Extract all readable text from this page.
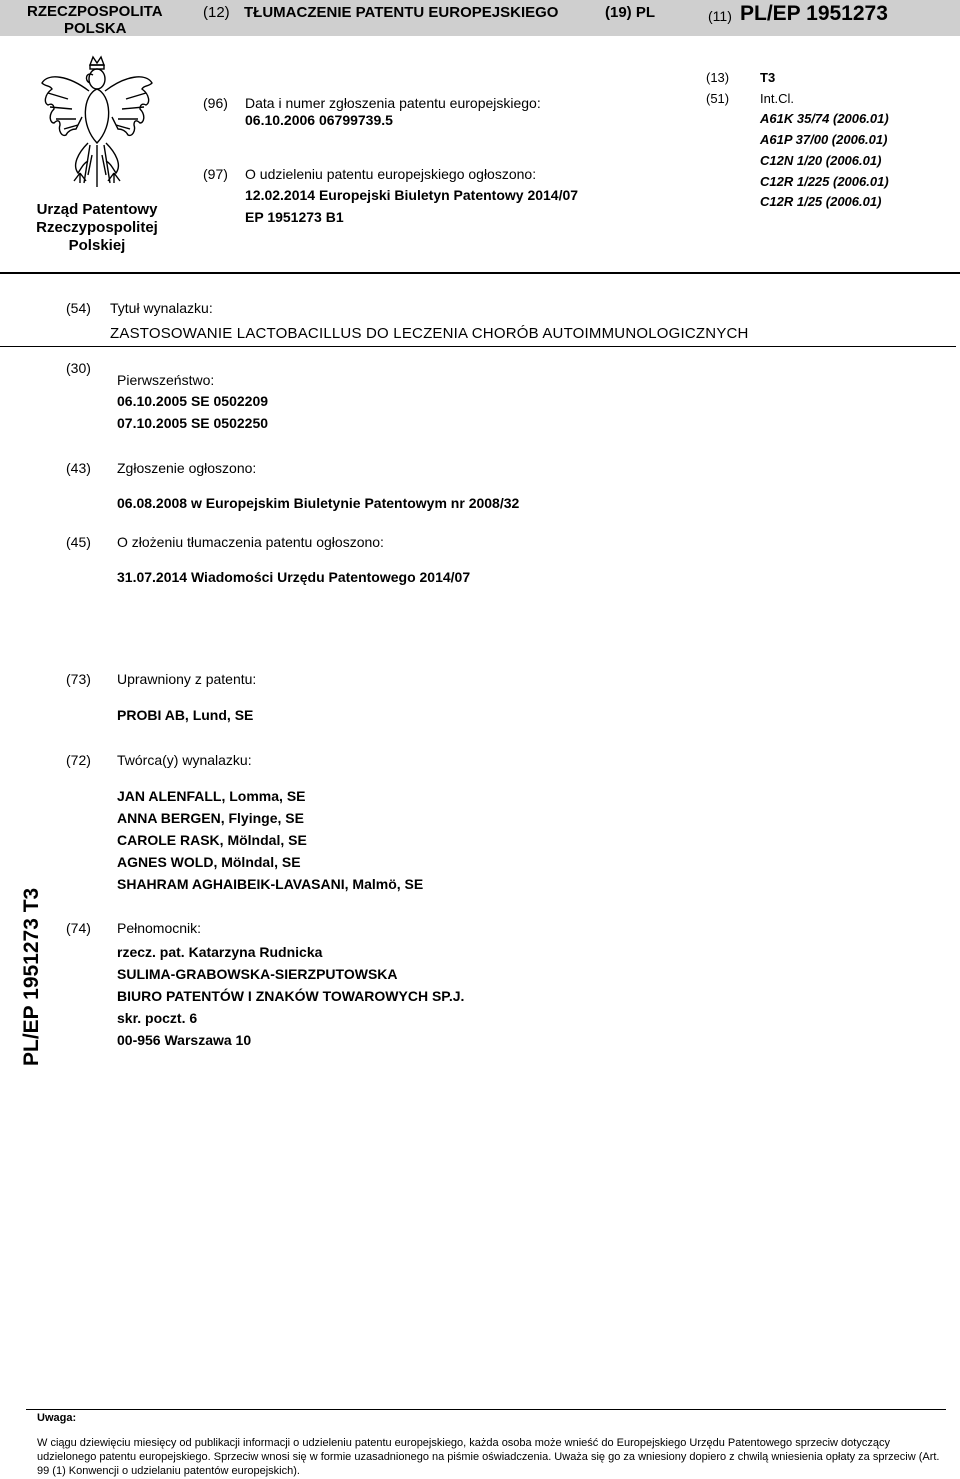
RZECZPOSPOLITA
POLSKA
(12) TŁUMACZENIE PATENTU EUROPEJSKIEGO	(19) PL	(11) PL/EP 1951273
Urząd Patentowy
Rzeczypospolitej
Polskiej
(96) Data i numer zgłoszenia patentu europejskiego:
06.10.2006 06799739.5
(97) O udzieleniu patentu europejskiego ogłoszono:
12.02.2014 Europejski Biuletyn Patentowy 2014/07
EP 1951273 B1
(13) T3
(51) Int.Cl.
A61K 35/74 (2006.01)
A61P 37/00 (2006.01)
C12N 1/20 (2006.01)
C12R 1/225 (2006.01)
C12R 1/25 (2006.01)
(54) Tytuł wynalazku:
ZASTOSOWANIE LACTOBACILLUS DO LECZENIA CHORÓB AUTOIMMUNOLOGICZNYCH
(30)
Pierwszeństwo:
06.10.2005 SE 0502209
07.10.2005 SE 0502250
(43) Zgłoszenie ogłoszono:
06.08.2008 w Europejskim Biuletynie Patentowym nr 2008/32
(45) O złożeniu tłumaczenia patentu ogłoszono:
31.07.2014 Wiadomości Urzędu Patentowego 2014/07
(73) Uprawniony z patentu:
PROBI AB, Lund, SE
(72) Twórca(y) wynalazku:
JAN ALENFALL, Lomma, SE
ANNA BERGEN, Flyinge, SE
CAROLE RASK, Mölndal, SE
AGNES WOLD, Mölndal, SE
SHAHRAM AGHAIBEIK-LAVASANI, Malmö, SE
(74) Pełnomocnik:
rzecz. pat. Katarzyna Rudnicka
SULIMA-GRABOWSKA-SIERZPUTOWSKA
BIURO PATENTÓW I ZNAKÓW TOWAROWYCH SP.J.
skr. poczt. 6
00-956 Warszawa 10
PL/EP 1951273 T3
Uwaga:
W ciągu dziewięciu miesięcy od publikacji informacji o udzieleniu patentu europejskiego, każda osoba może wnieść do Europejskiego Urzędu Patentowego sprzeciw dotyczący udzielonego patentu europejskiego. Sprzeciw wnosi się w formie uzasadnionego na piśmie oświadczenia. Uważa się go za wniesiony dopiero z chwilą wniesienia opłaty za sprzeciw (Art. 99 (1) Konwencji o udzielaniu patentów europejskich).
